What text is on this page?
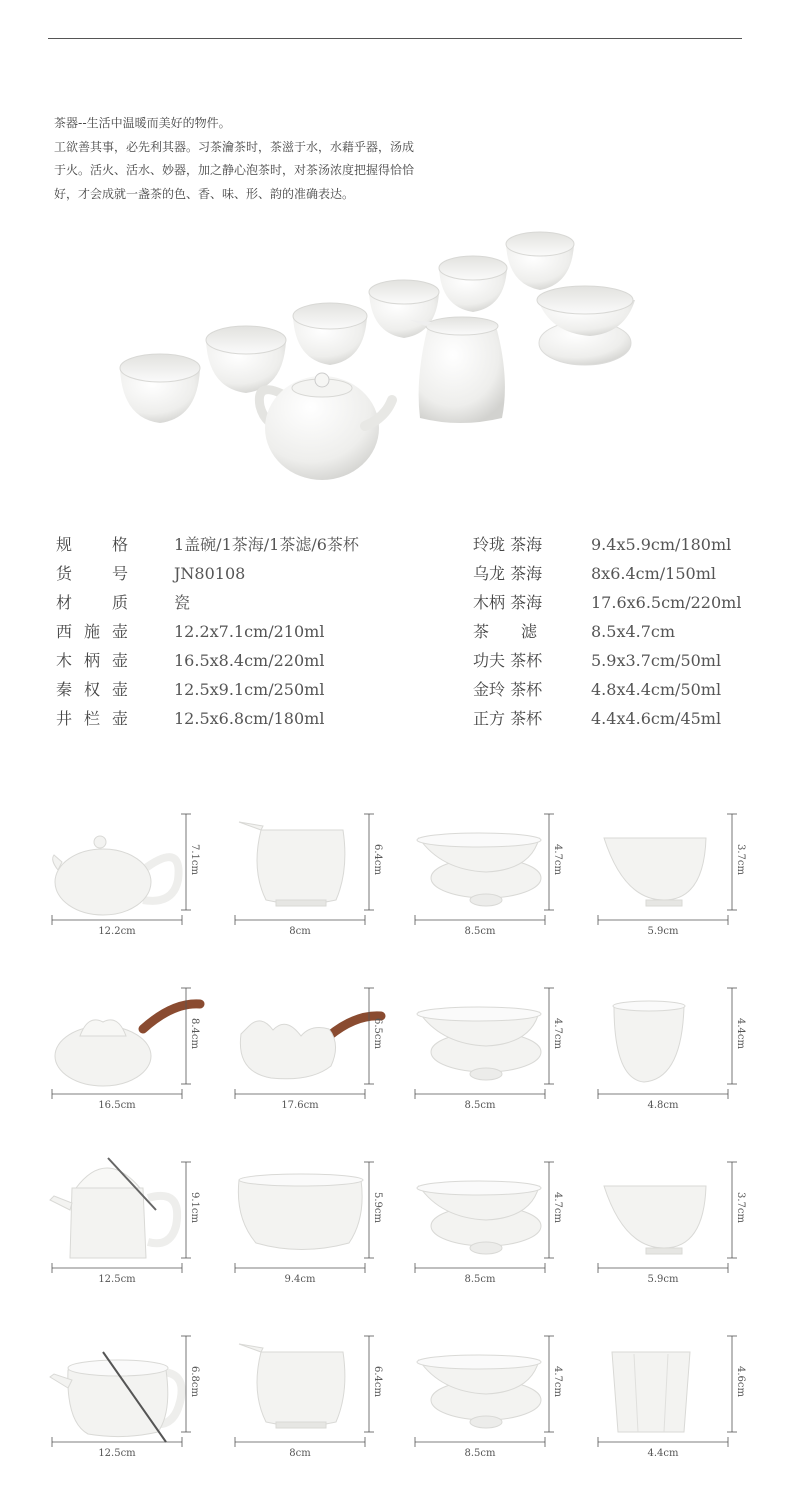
茶器--生活中温暖而美好的物件。

工欲善其事，必先利其器。习茶瀹茶时，茶滋于水，水藉乎器，汤成于火。活火、活水、妙器，加之静心泡茶时，对茶汤浓度把握得恰恰好，才会成就一盏茶的色、香、味、形、韵的准确表达。

规 格	1盖碗/1茶海/1茶滤/6茶杯
货 号	JN80108
材 质	瓷
西施壶	12.2x7.1cm/210ml
木柄壶	16.5x8.4cm/220ml
秦权壶	12.5x9.1cm/250ml
井栏壶	12.5x6.8cm/180ml
玲珑 茶海	9.4x5.9cm/180ml
乌龙 茶海	8x6.4cm/150ml
木柄 茶海	17.6x6.5cm/220ml
茶　　滤	8.5x4.7cm
功夫 茶杯	5.9x3.7cm/50ml
金玲 茶杯	4.8x4.4cm/50ml
正方 茶杯	4.4x4.6cm/45ml
12.2cm
7.1cm
8cm
6.4cm
8.5cm
4.7cm
5.9cm
3.7cm
16.5cm
8.4cm
17.6cm
6.5cm
8.5cm
4.7cm
4.8cm
4.4cm
12.5cm
9.1cm
9.4cm
5.9cm
8.5cm
4.7cm
5.9cm
3.7cm
12.5cm
6.8cm
8cm
6.4cm
8.5cm
4.7cm
4.4cm
4.6cm
